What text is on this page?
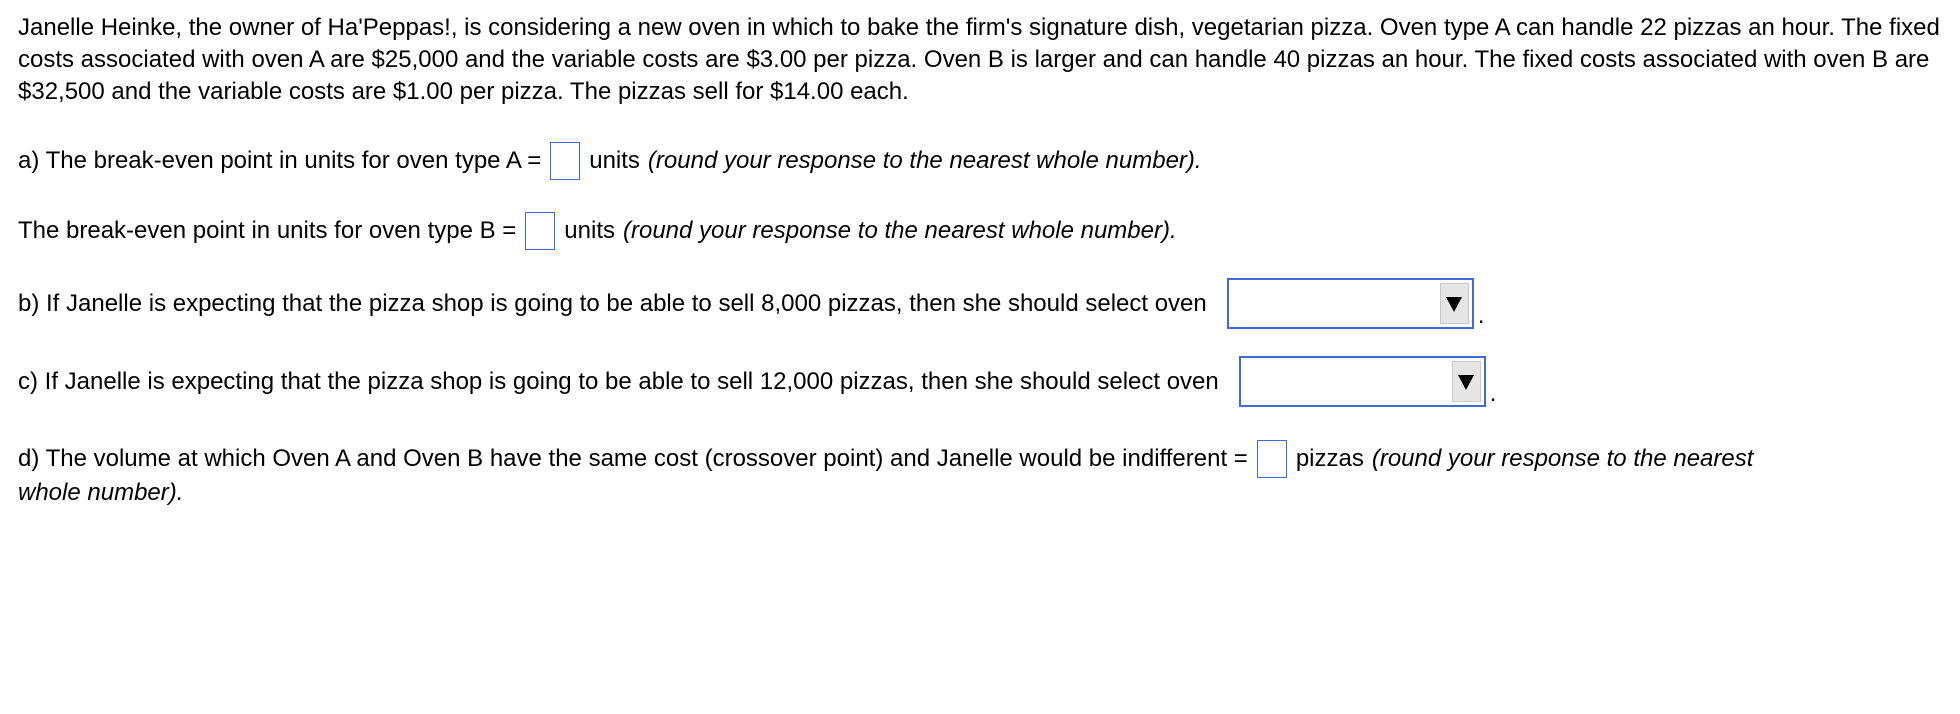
Janelle Heinke, the owner of Ha'Peppas!, is considering a new oven in which to bake the firm's signature dish, vegetarian pizza. Oven type A can handle 22 pizzas an hour. The fixed costs associated with oven A are $25,000 and the variable costs are $3.00 per pizza. Oven B is larger and can handle 40 pizzas an hour. The fixed costs associated with oven B are $32,500 and the variable costs are $1.00 per pizza. The pizzas sell for $14.00 each.

a) The break-even point in units for oven type A = units (round your response to the nearest whole number).
The break-even point in units for oven type B = units (round your response to the nearest whole number).
b) If Janelle is expecting that the pizza shop is going to be able to sell 8,000 pizzas, then she should select oven	.
c) If Janelle is expecting that the pizza shop is going to be able to sell 12,000 pizzas, then she should select oven	.
d) The volume at which Oven A and Oven B have the same cost (crossover point) and Janelle would be indifferent = pizzas (round your response to the nearest
whole number).
